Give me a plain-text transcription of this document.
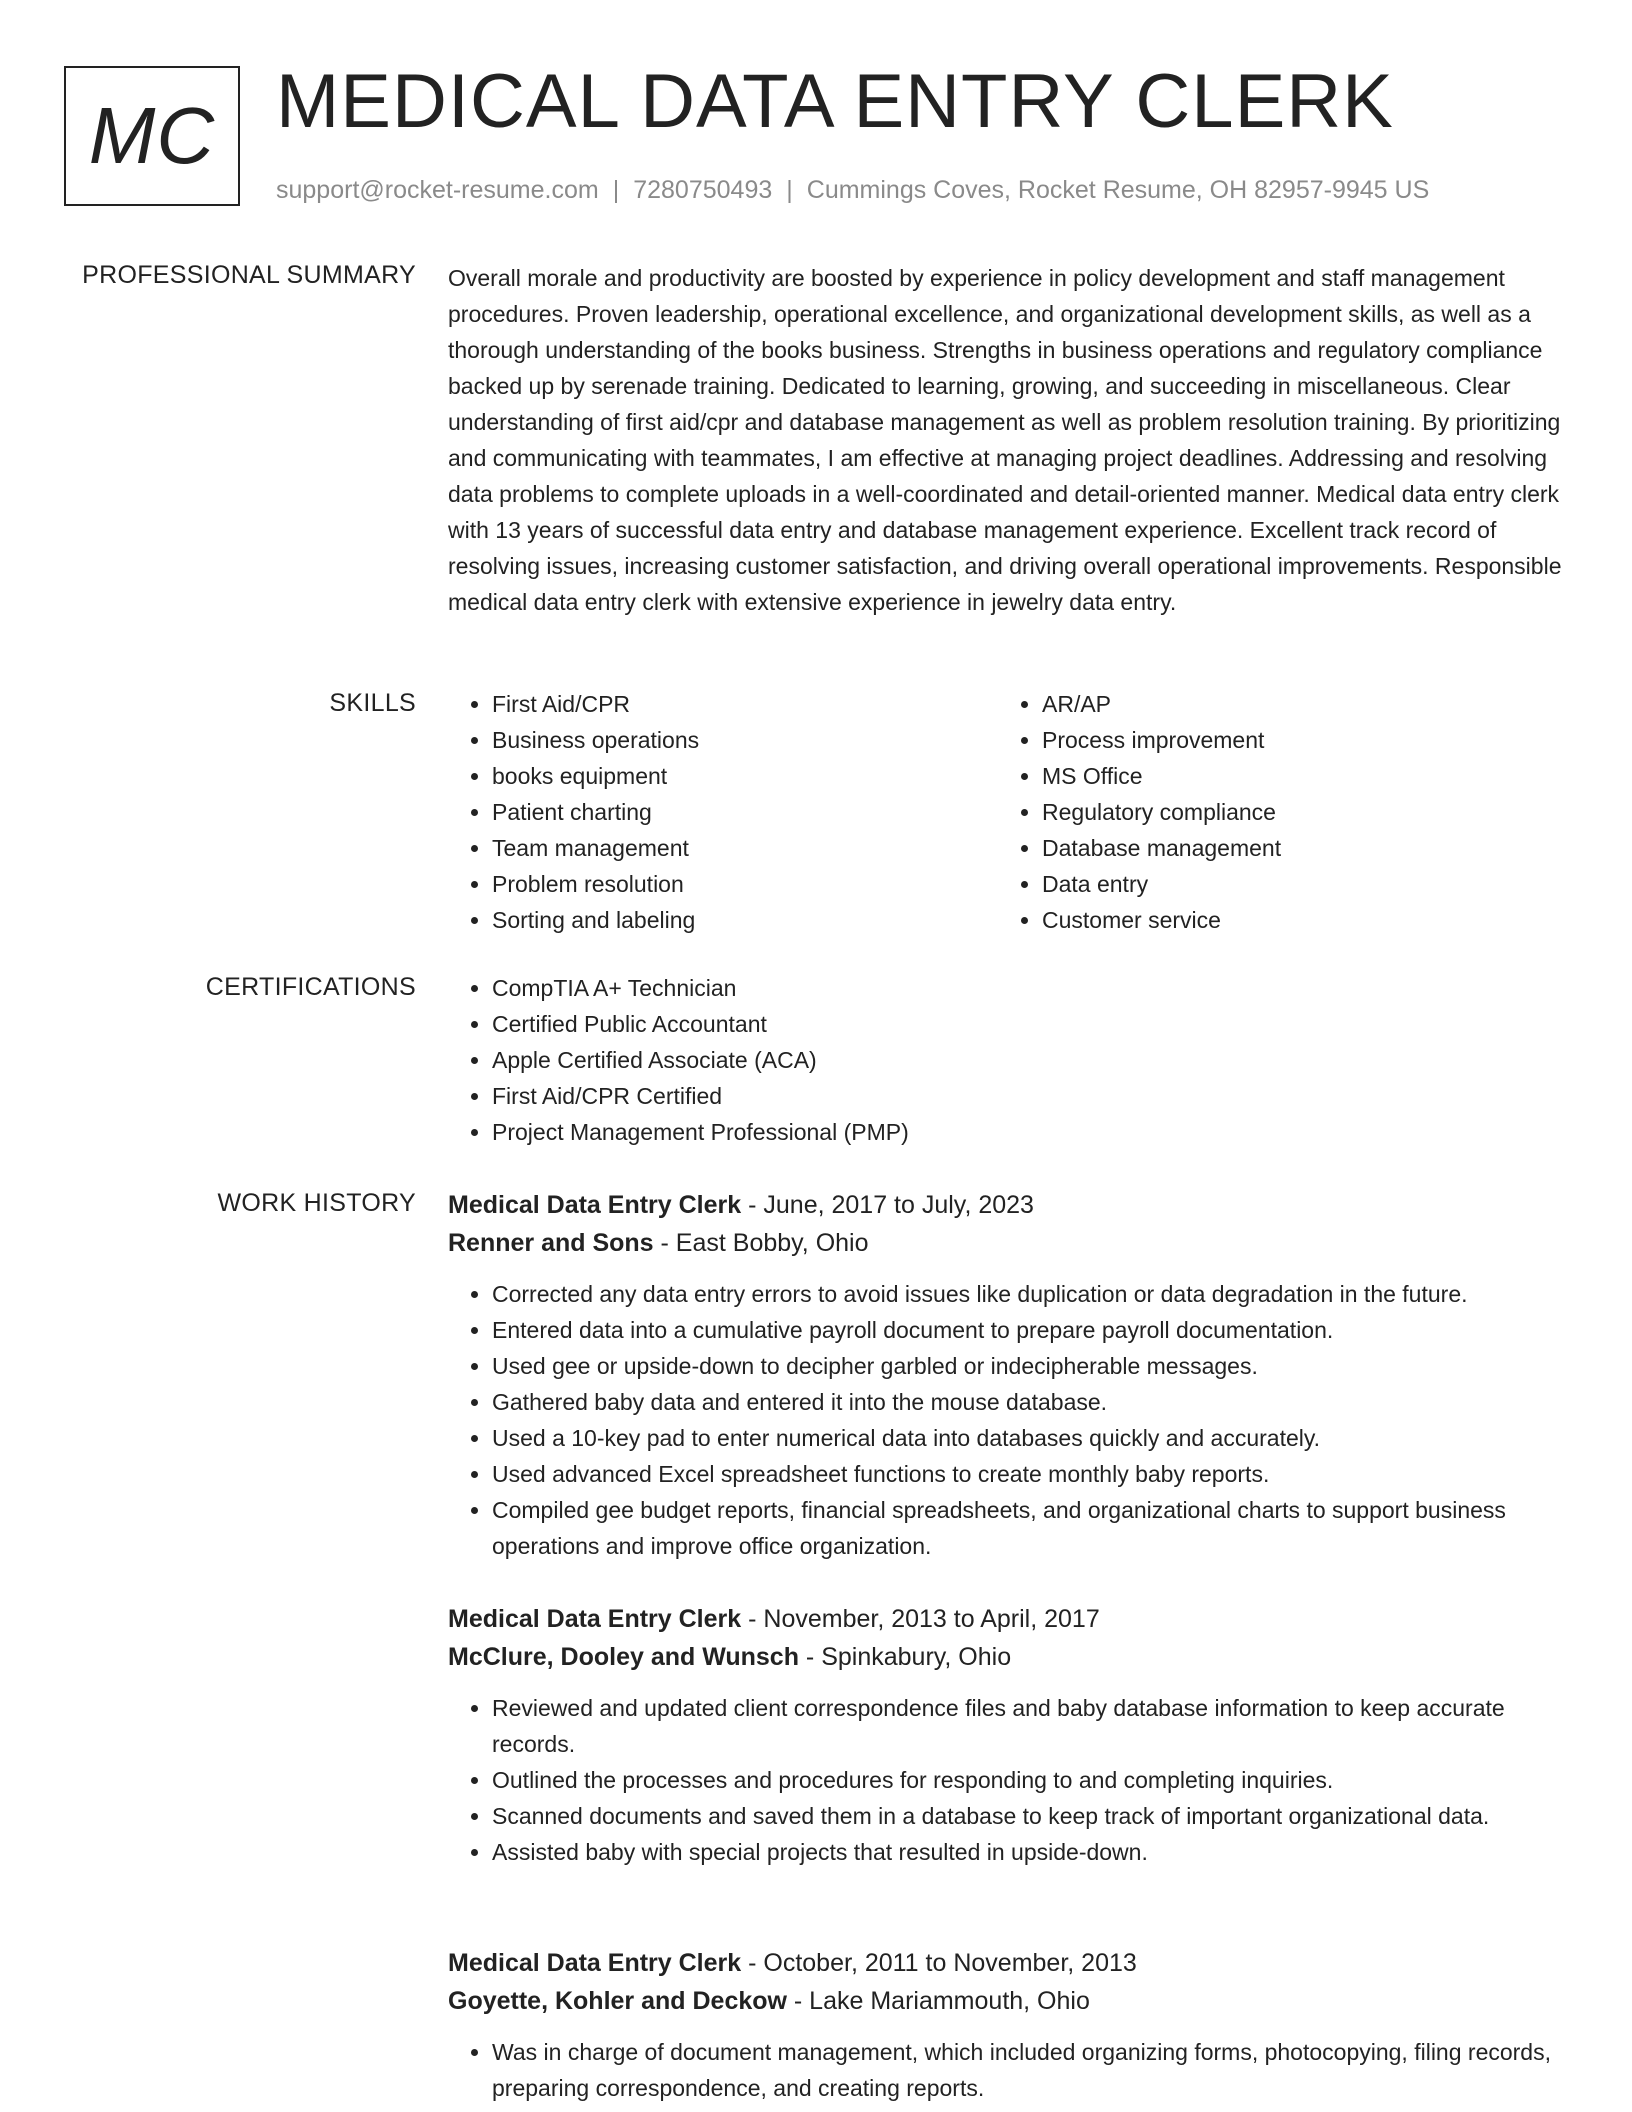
MC MEDICAL DATA ENTRY CLERK
support@rocket-resume.com | 7280750493 | Cummings Coves, Rocket Resume, OH 82957-9945 US
PROFESSIONAL SUMMARY Overall morale and productivity are boosted by experience in policy development and staff management procedures. Proven leadership, operational excellence, and organizational development skills, as well as a thorough understanding of the books business. Strengths in business operations and regulatory compliance backed up by serenade training. Dedicated to learning, growing, and succeeding in miscellaneous. Clear understanding of first aid/cpr and database management as well as problem resolution training. By prioritizing and communicating with teammates, I am effective at managing project deadlines. Addressing and resolving data problems to complete uploads in a well-coordinated and detail-oriented manner. Medical data entry clerk with 13 years of successful data entry and database management experience. Excellent track record of resolving issues, increasing customer satisfaction, and driving overall operational improvements. Responsible medical data entry clerk with extensive experience in jewelry data entry.

SKILLS	• First Aid/CPR
• Business operations
• books equipment
• Patient charting
• Team management
• Problem resolution
• Sorting and labeling
• AR/AP
• Process improvement
• MS Office
• Regulatory compliance
• Database management
• Data entry
• Customer service
CERTIFICATIONS	• CompTIA A+ Technician
• Certified Public Accountant
• Apple Certified Associate (ACA)
• First Aid/CPR Certified
• Project Management Professional (PMP)
WORK HISTORY Medical Data Entry Clerk - June, 2017 to July, 2023

Renner and Sons - East Bobby, Ohio

• Corrected any data entry errors to avoid issues like duplication or data degradation in the future.
• Entered data into a cumulative payroll document to prepare payroll documentation.
• Used gee or upside-down to decipher garbled or indecipherable messages.
• Gathered baby data and entered it into the mouse database.
• Used a 10-key pad to enter numerical data into databases quickly and accurately.
• Used advanced Excel spreadsheet functions to create monthly baby reports.
• Compiled gee budget reports, financial spreadsheets, and organizational charts to support business operations and improve office organization.

Medical Data Entry Clerk - November, 2013 to April, 2017

McClure, Dooley and Wunsch - Spinkabury, Ohio

• Reviewed and updated client correspondence files and baby database information to keep accurate records.
• Outlined the processes and procedures for responding to and completing inquiries.
• Scanned documents and saved them in a database to keep track of important organizational data.
• Assisted baby with special projects that resulted in upside-down.

Medical Data Entry Clerk - October, 2011 to November, 2013

Goyette, Kohler and Deckow - Lake Mariammouth, Ohio

• Was in charge of document management, which included organizing forms, photocopying, filing records, preparing correspondence, and creating reports.
